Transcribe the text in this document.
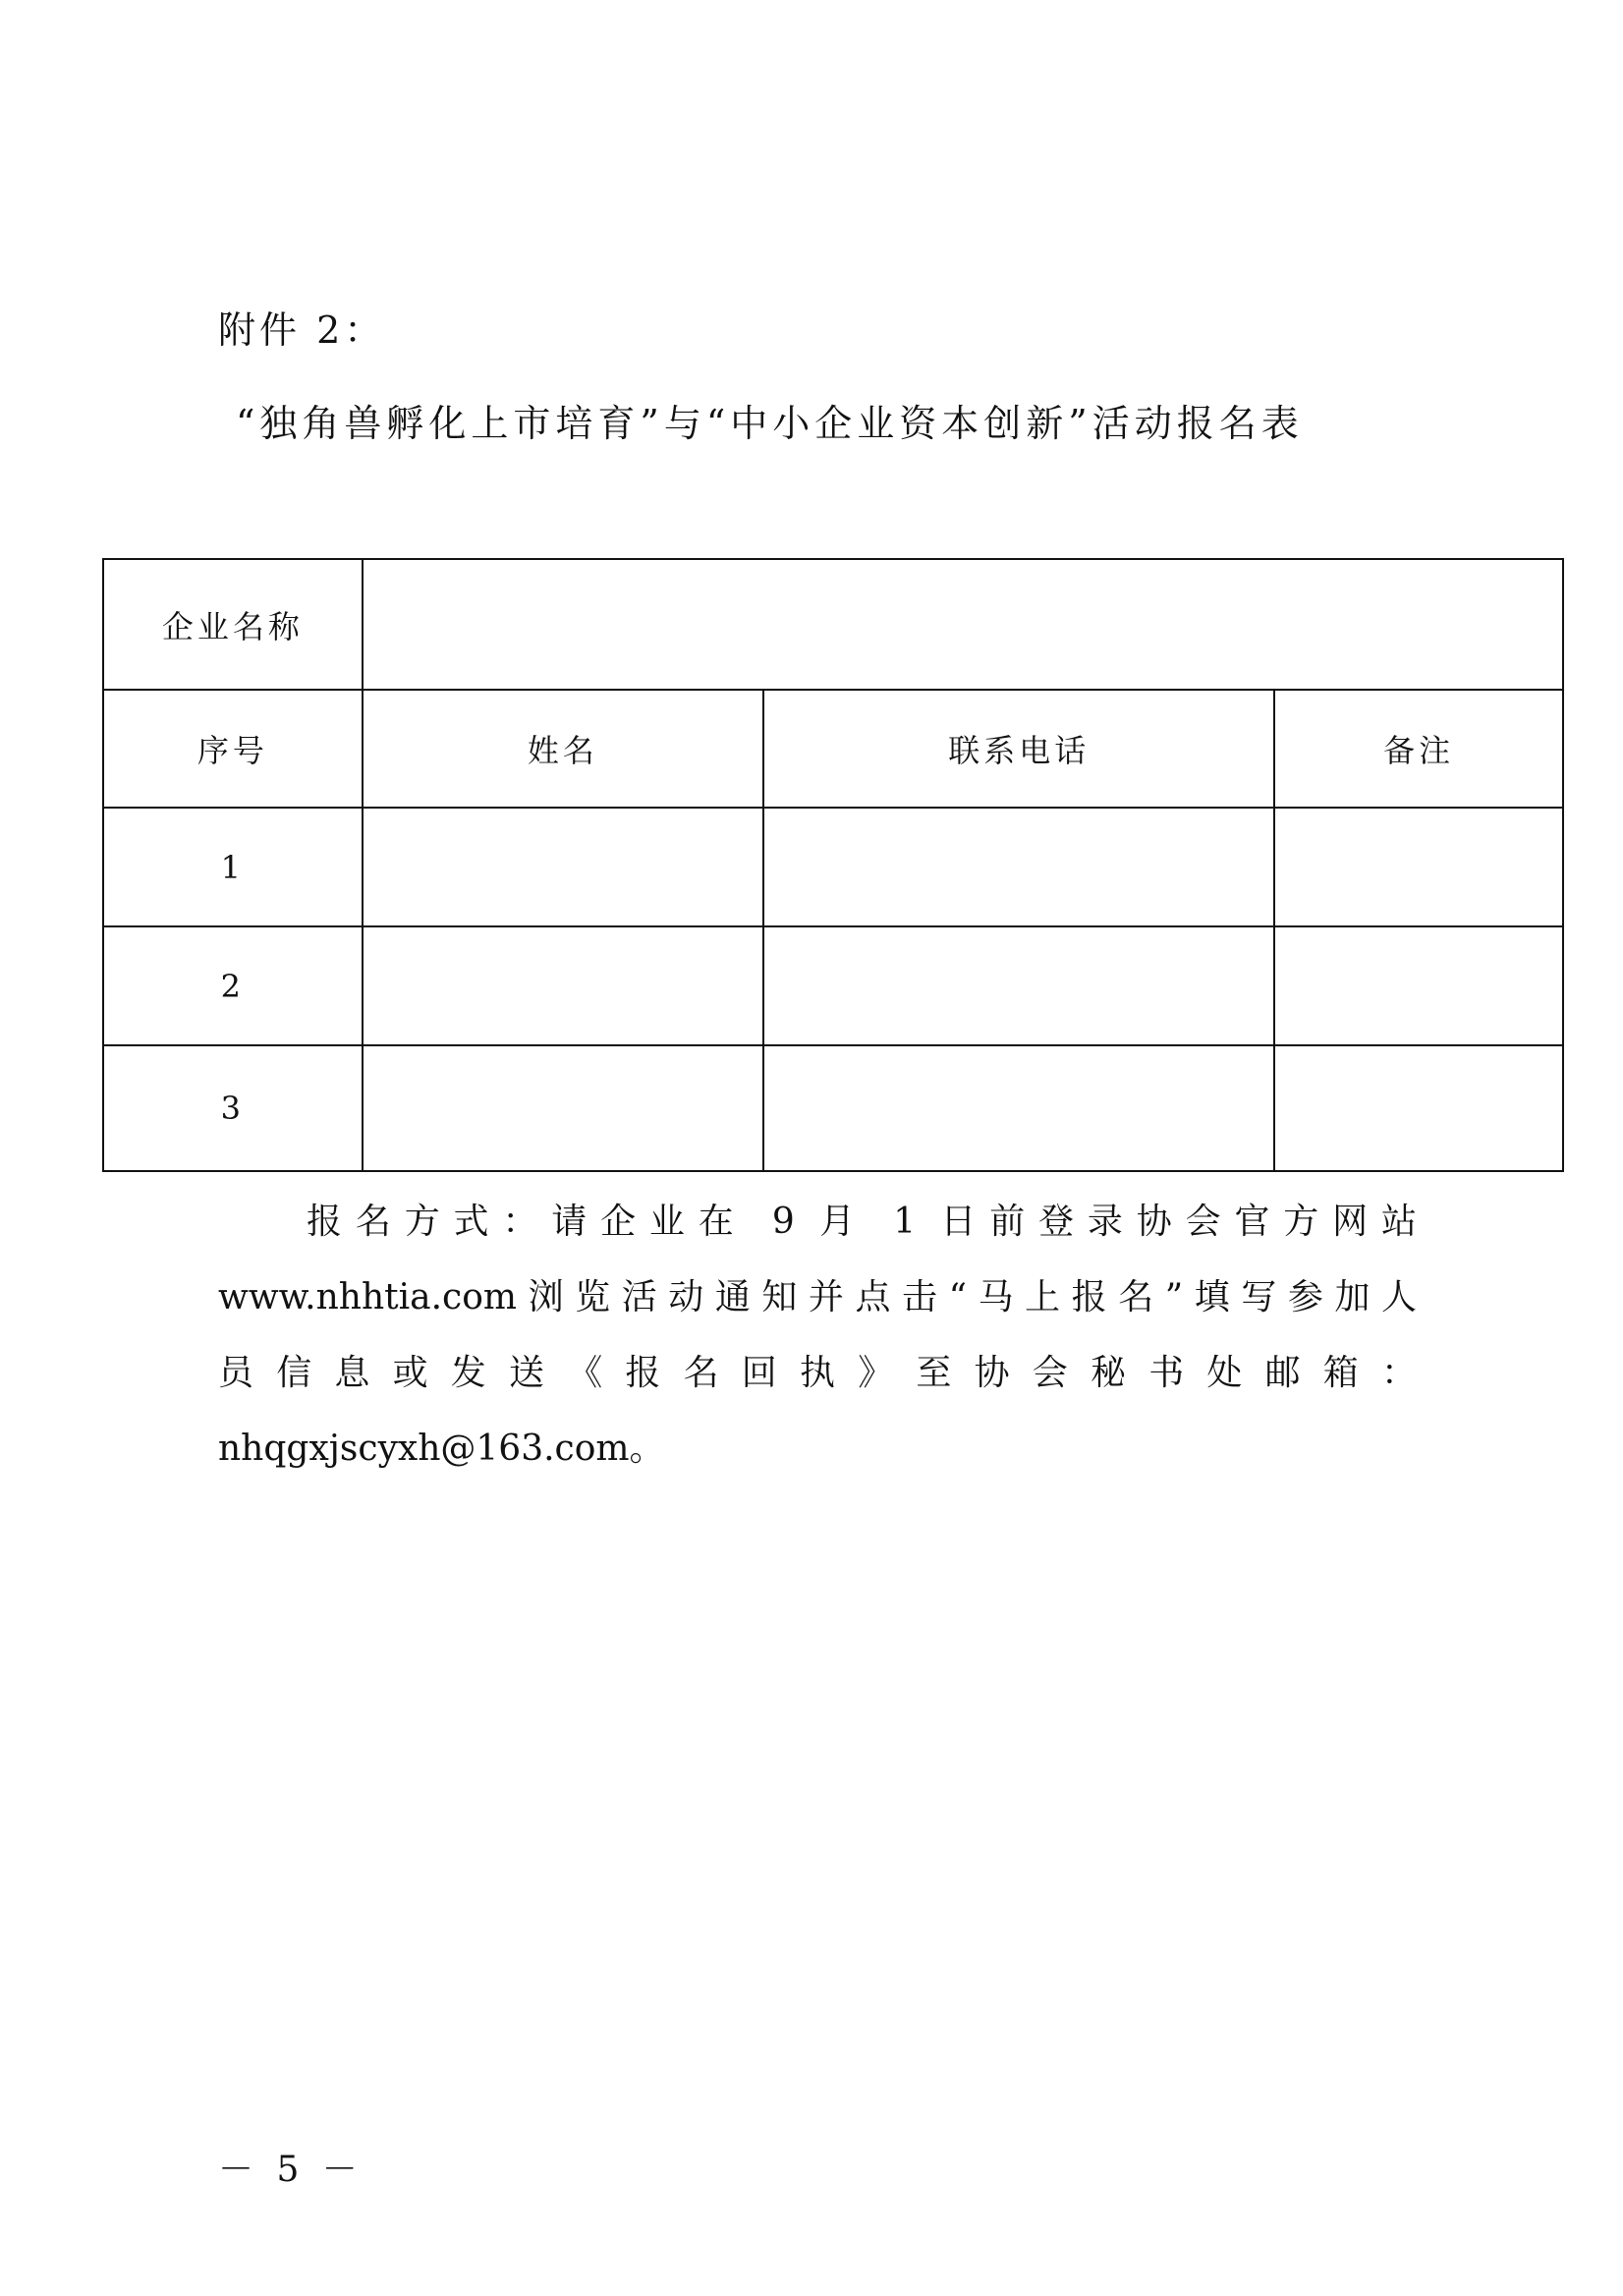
附件 2：
“独角兽孵化上市培育”与“中小企业资本创新”活动报名表
企业名称			
序号	姓名	联系电话	备注
1			
2			
3			
报名方式：请企业在 9 月 1 日前登录协会官方网站
www.nhhtia.com浏览活动通知并点击“马上报名”填写参加人
员信息或发送《报名回执》至协会秘书处邮箱：
nhqgxjscyxh@163.com。
－ 5 －
